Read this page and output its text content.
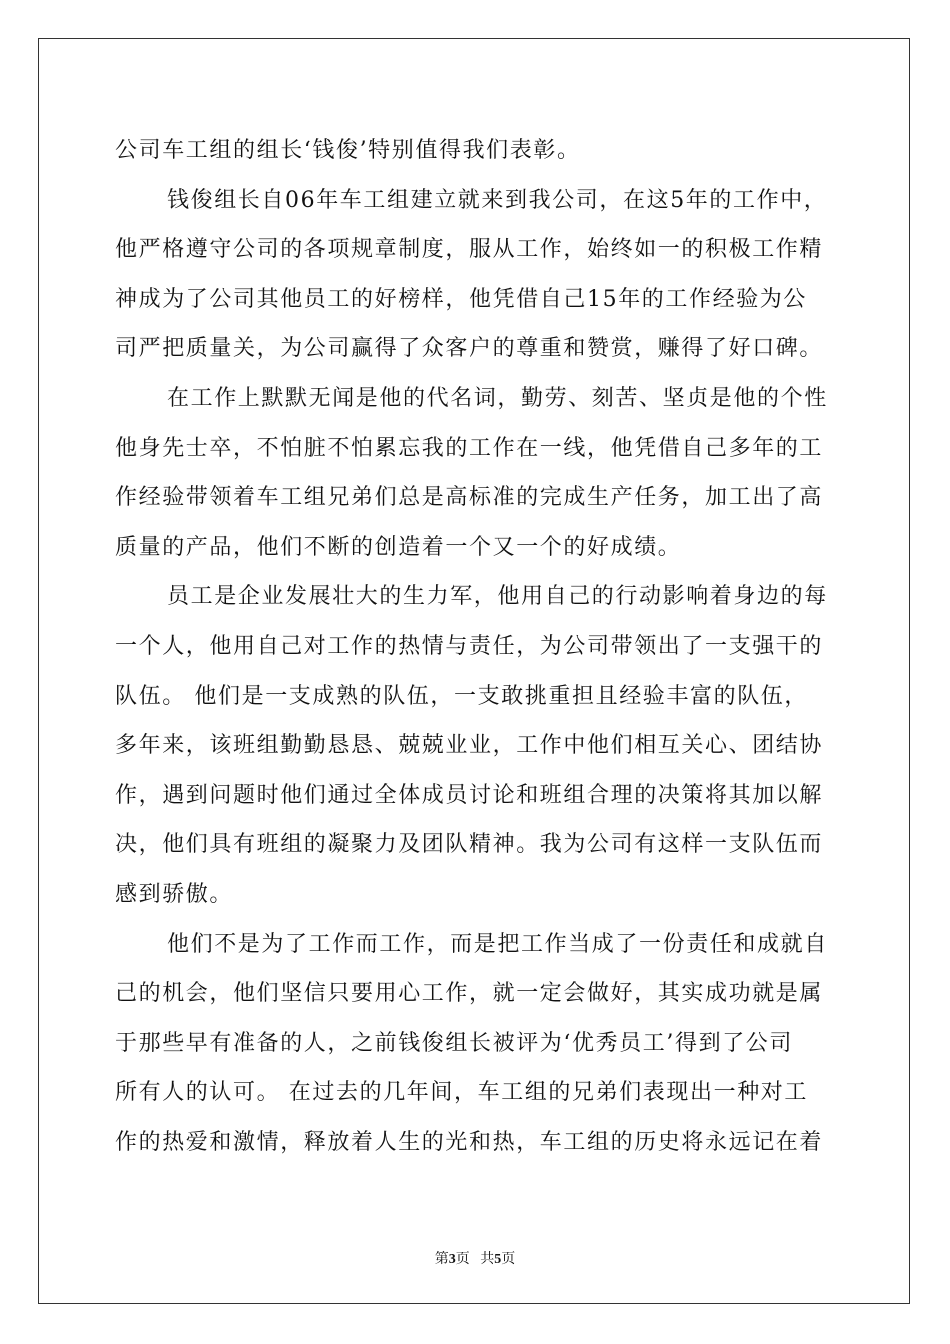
公司车工组的组长‘钱俊’特别值得我们表彰。
钱俊组长自06年车工组建立就来到我公司，在这5年的工作中，
他严格遵守公司的各项规章制度，服从工作，始终如一的积极工作精
神成为了公司其他员工的好榜样，他凭借自己15年的工作经验为公
司严把质量关，为公司赢得了众客户的尊重和赞赏，赚得了好口碑。
在工作上默默无闻是他的代名词，勤劳、刻苦、坚贞是他的个性
他身先士卒，不怕脏不怕累忘我的工作在一线，他凭借自己多年的工
作经验带领着车工组兄弟们总是高标准的完成生产任务，加工出了高
质量的产品，他们不断的创造着一个又一个的好成绩。
员工是企业发展壮大的生力军，他用自己的行动影响着身边的每
一个人，他用自己对工作的热情与责任，为公司带领出了一支强干的
队伍。 他们是一支成熟的队伍，一支敢挑重担且经验丰富的队伍，
多年来，该班组勤勤恳恳、兢兢业业，工作中他们相互关心、团结协
作，遇到问题时他们通过全体成员讨论和班组合理的决策将其加以解
决，他们具有班组的凝聚力及团队精神。我为公司有这样一支队伍而
感到骄傲。
他们不是为了工作而工作，而是把工作当成了一份责任和成就自
己的机会，他们坚信只要用心工作，就一定会做好，其实成功就是属
于那些早有准备的人，之前钱俊组长被评为‘优秀员工’得到了公司
所有人的认可。 在过去的几年间，车工组的兄弟们表现出一种对工
作的热爱和激情，释放着人生的光和热，车工组的历史将永远记在着
第3页 共5页
